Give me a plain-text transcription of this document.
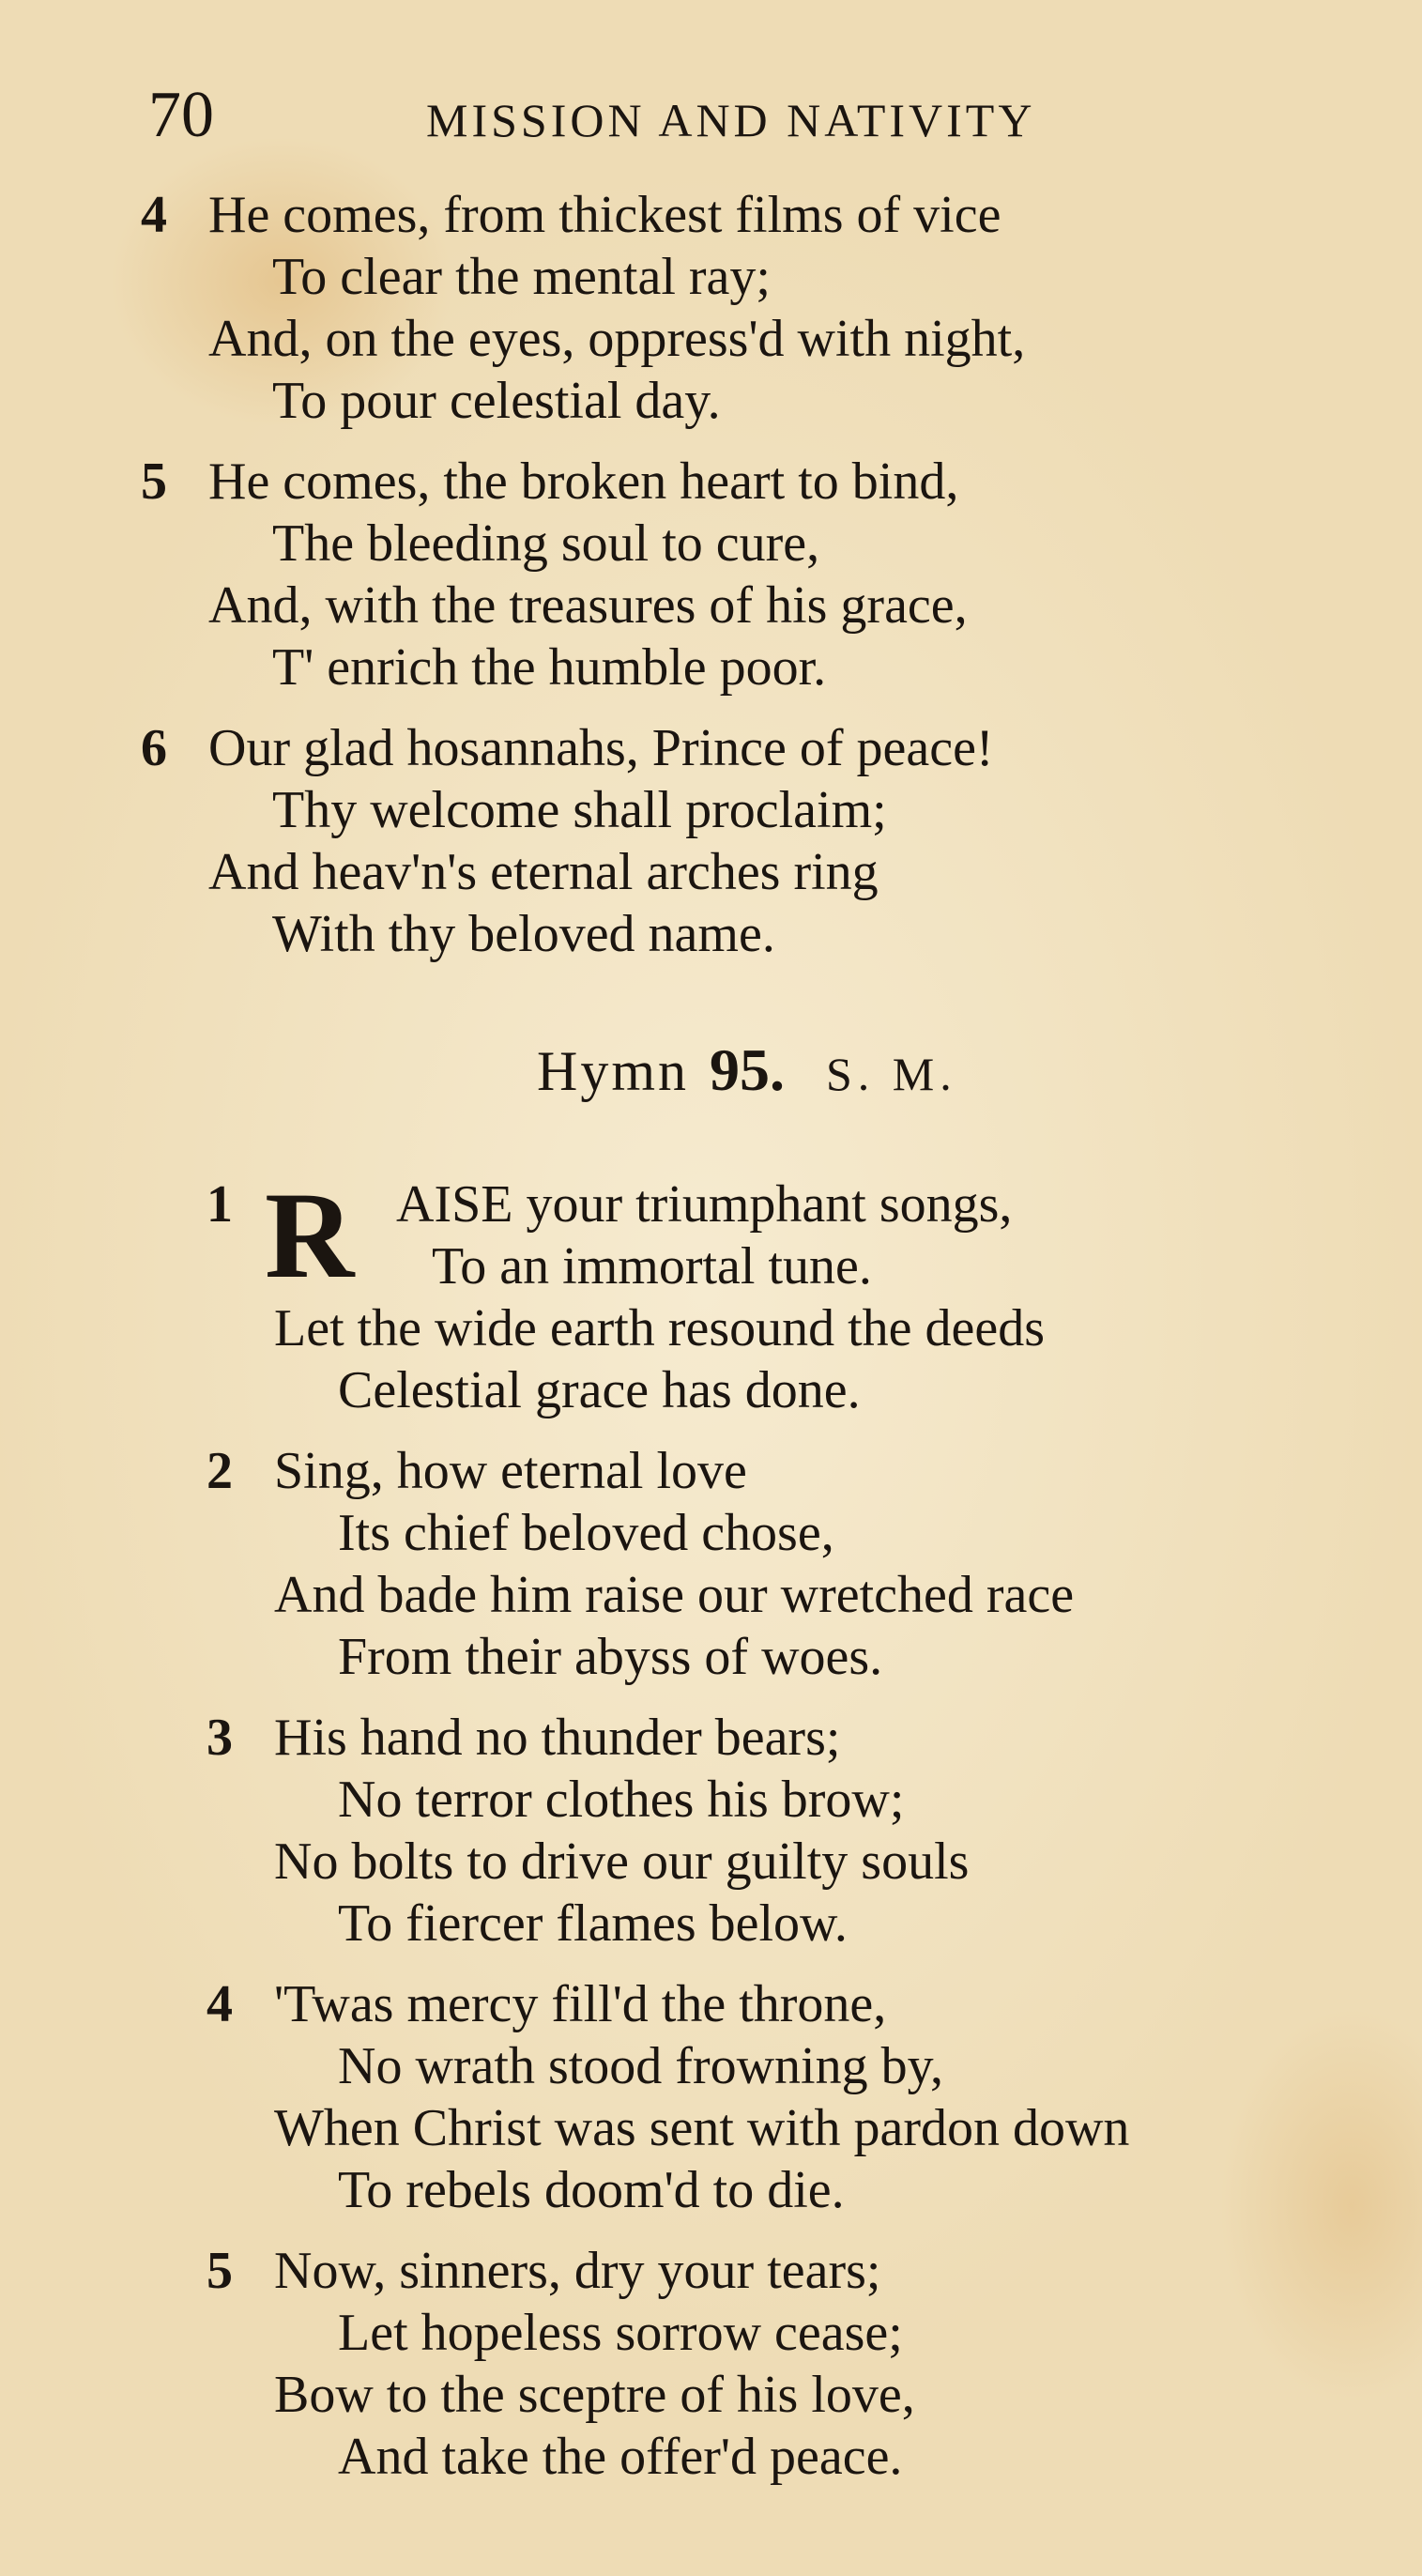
70	MISSION AND NATIVITY
4 He comes, from thickest films of vice
To clear the mental ray;
And, on the eyes, oppress'd with night,
To pour celestial day.
5 He comes, the broken heart to bind,
The bleeding soul to cure,
And, with the treasures of his grace,
T' enrich the humble poor.
6 Our glad hosannahs, Prince of peace!
Thy welcome shall proclaim;
And heav'n's eternal arches ring
With thy beloved name.
Hymn 95. S. M.
1 R AISE your triumphant songs,
To an immortal tune.
Let the wide earth resound the deeds
Celestial grace has done.
2 Sing, how eternal love
Its chief beloved chose,
And bade him raise our wretched race
From their abyss of woes.
3 His hand no thunder bears;
No terror clothes his brow;
No bolts to drive our guilty souls
To fiercer flames below.
4 'Twas mercy fill'd the throne,
No wrath stood frowning by,
When Christ was sent with pardon down
To rebels doom'd to die.
5 Now, sinners, dry your tears;
Let hopeless sorrow cease;
Bow to the sceptre of his love,
And take the offer'd peace.
